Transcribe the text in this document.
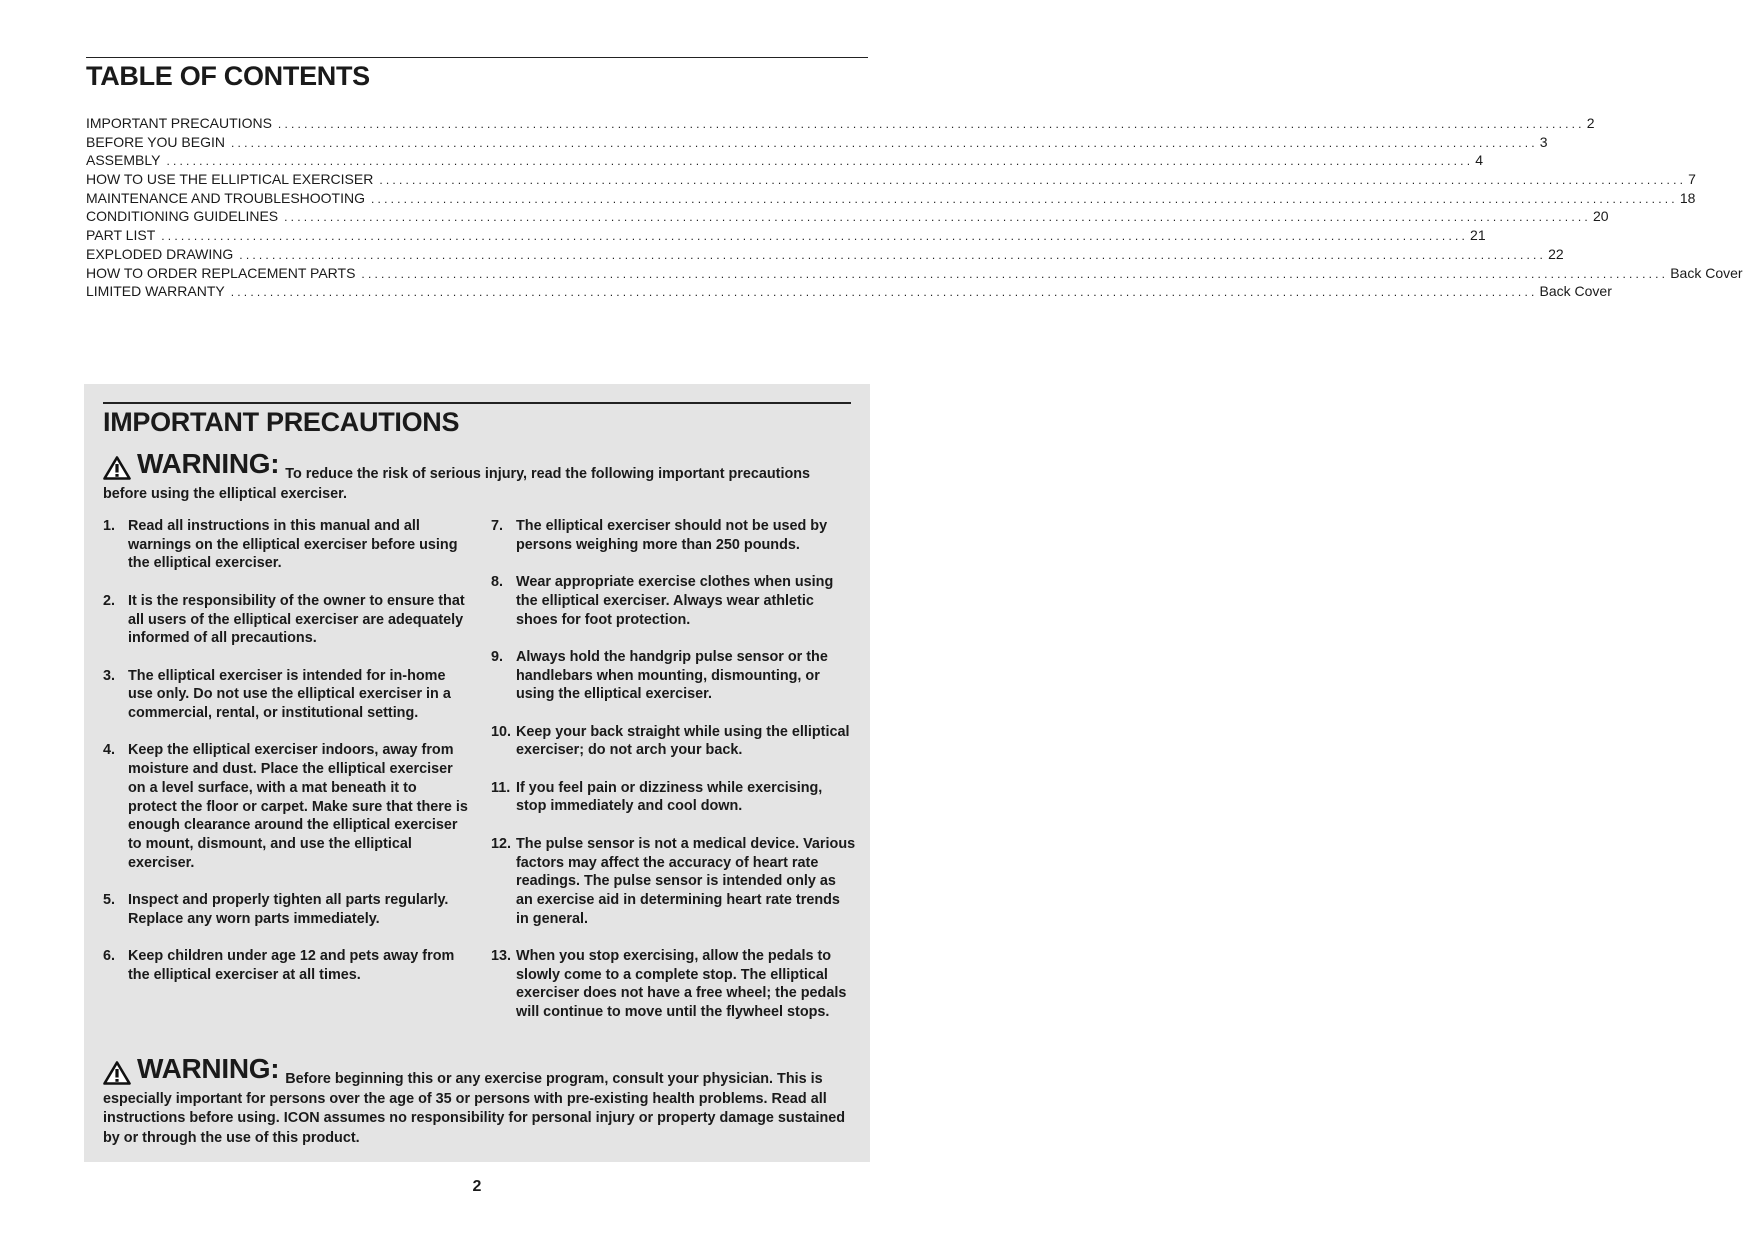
TABLE OF CONTENTS
IMPORTANT PRECAUTIONS ........................................................................................................................................................................................................ 2
BEFORE YOU BEGIN ........................................................................................................................................................................................................ 3
ASSEMBLY ........................................................................................................................................................................................................ 4
HOW TO USE THE ELLIPTICAL EXERCISER ........................................................................................................................................................................................................ 7
MAINTENANCE AND TROUBLESHOOTING ........................................................................................................................................................................................................ 18
CONDITIONING GUIDELINES ........................................................................................................................................................................................................ 20
PART LIST ........................................................................................................................................................................................................ 21
EXPLODED DRAWING ........................................................................................................................................................................................................ 22
HOW TO ORDER REPLACEMENT PARTS ........................................................................................................................................................................................................ Back Cover
LIMITED WARRANTY ........................................................................................................................................................................................................ Back Cover
IMPORTANT PRECAUTIONS
WARNING: To reduce the risk of serious injury, read the following important precautions before using the elliptical exerciser.
1. Read all instructions in this manual and all warnings on the elliptical exerciser before using the elliptical exerciser.
2. It is the responsibility of the owner to ensure that all users of the elliptical exerciser are adequately informed of all precautions.
3. The elliptical exerciser is intended for in-home use only. Do not use the elliptical exerciser in a commercial, rental, or institutional setting.
4. Keep the elliptical exerciser indoors, away from moisture and dust. Place the elliptical exerciser on a level surface, with a mat beneath it to protect the floor or carpet. Make sure that there is enough clearance around the elliptical exerciser to mount, dismount, and use the elliptical exerciser.
5. Inspect and properly tighten all parts regularly. Replace any worn parts immediately.
6. Keep children under age 12 and pets away from the elliptical exerciser at all times.
7. The elliptical exerciser should not be used by persons weighing more than 250 pounds.
8. Wear appropriate exercise clothes when using the elliptical exerciser. Always wear athletic shoes for foot protection.
9. Always hold the handgrip pulse sensor or the handlebars when mounting, dismounting, or using the elliptical exerciser.
10. Keep your back straight while using the elliptical exerciser; do not arch your back.
11. If you feel pain or dizziness while exercising, stop immediately and cool down.
12. The pulse sensor is not a medical device. Various factors may affect the accuracy of heart rate readings. The pulse sensor is intended only as an exercise aid in determining heart rate trends in general.
13. When you stop exercising, allow the pedals to slowly come to a complete stop. The elliptical exerciser does not have a free wheel; the pedals will continue to move until the flywheel stops.
WARNING: Before beginning this or any exercise program, consult your physician. This is especially important for persons over the age of 35 or persons with pre-existing health problems. Read all instructions before using. ICON assumes no responsibility for personal injury or property damage sustained by or through the use of this product.
2
